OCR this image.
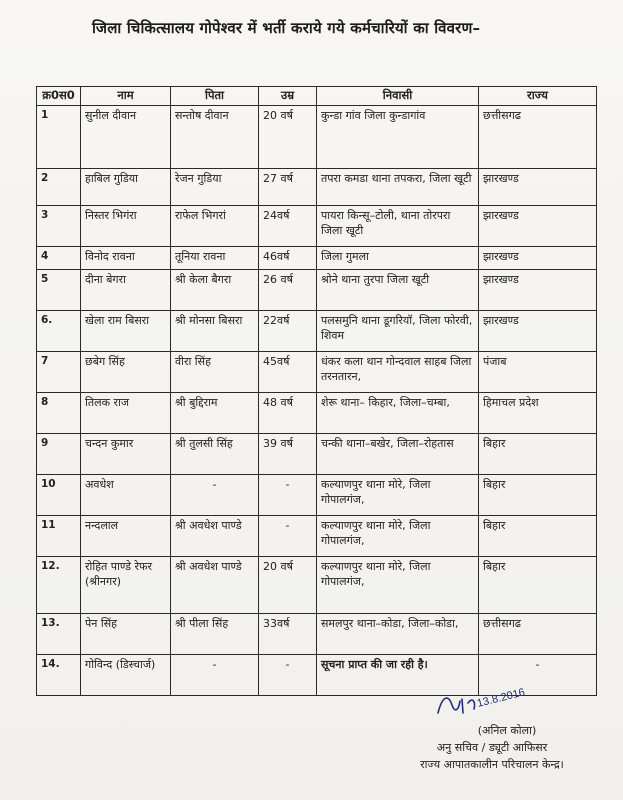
जिला चिकित्सालय गोपेश्वर में भर्ती कराये गये कर्मचारियों का विवरण–
क्र0स0	नाम	पिता	उम्र	निवासी	राज्य
1	सुनील दीवान	सन्तोष दीवान	20 वर्ष	कुन्डा गांव जिला कुन्डागांव	छत्तीसगढ
2	हाबिल गुडिया	रेजन गुडिया	27 वर्ष	तपरा कमडा थाना तपकरा, जिला खूटी	झारखण्ड
3	निस्तर भिगंरा	राफेल भिगरां	24वर्ष	पायरा किन्सू–टोली, थाना तोरपरा जिला खूटी	झारखण्ड
4	विनोद रावना	तूनिया रावना	46वर्ष	जिला गुमला	झारखण्ड
5	दीना बेगरा	श्री केला बैगरा	26 वर्ष	श्रोने थाना तुरपा जिला खूटी	झारखण्ड
6.	खेला राम बिसरा	श्री मोनसा बिसरा	22वर्ष	पलसमुनि थाना डूगरियॉ, जिला फोरवी, शिवम	झारखण्ड
7	छबेग सिंह	वीरा सिंह	45वर्ष	धंकर कला थान गोन्दवाल साहब जिला तरनतारन,	पंजाब
8	तिलक राज	श्री बुद्दिराम	48 वर्ष	शेरू थाना– किहार, जिला–चम्बा,	हिमाचल प्रदेश
9	चन्दन कुमार	श्री तुलसी सिंह	39 वर्ष	चन्की थाना–बखेर, जिला–रोहतास	बिहार
10	अवधेश	-	-	कल्याणपुर थाना मोरे, जिला गोपालगंज,	बिहार
11	नन्दलाल	श्री अवधेश पाण्डे	-	कल्याणपुर थाना मोरे, जिला गोपालगंज,	बिहार
12.	रोहित पाण्डे रेफर (श्रीनगर)	श्री अवधेश पाण्डे	20 वर्ष	कल्याणपुर थाना मोरे, जिला गोपालगंज,	बिहार
13.	पेन सिंह	श्री पीला सिंह	33वर्ष	समलपुर थाना–कोडा, जिला–कोडा,	छत्तीसगढ
14.	गोविन्द (डिस्चार्ज)	-	-	सूचना प्राप्त की जा रही है।	-
13.8.2016
(अनिल कोला)
अनु सचिव / ड्यूटी आफिसर
राज्य आपातकालीन परिचालन केन्द्र।
